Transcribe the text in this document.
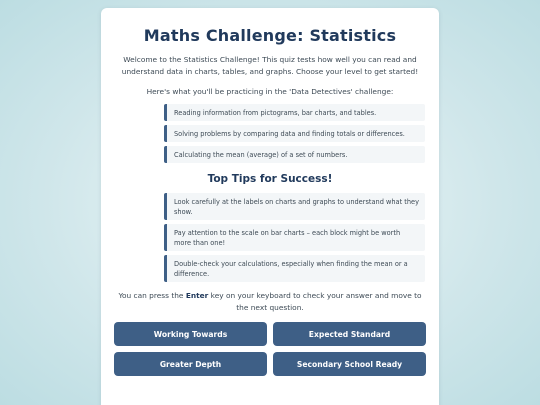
Maths Challenge: Statistics

Welcome to the Statistics Challenge! This quiz tests how well you can read and understand data in charts, tables, and graphs. Choose your level to get started!

Here's what you'll be practicing in the 'Data Detectives' challenge:

Reading information from pictograms, bar charts, and tables.
Solving problems by comparing data and finding totals or differences.
Calculating the mean (average) of a set of numbers.
Top Tips for Success!
Look carefully at the labels on charts and graphs to understand what they show.
Pay attention to the scale on bar charts – each block might be worth more than one!
Double-check your calculations, especially when finding the mean or a difference.

You can press the Enter key on your keyboard to check your answer and move to the next question.

Working Towards	Expected Standard
Greater Depth	Secondary School Ready
